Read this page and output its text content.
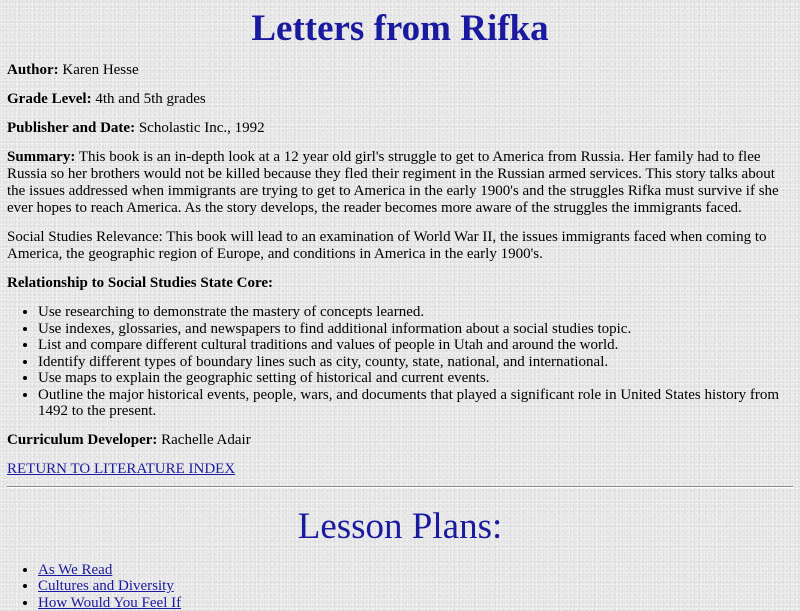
Letters from Rifka

Author: Karen Hesse

Grade Level: 4th and 5th grades

Publisher and Date: Scholastic Inc., 1992

Summary: This book is an in-depth look at a 12 year old girl's struggle to get to America from Russia. Her family had to flee Russia so her brothers would not be killed because they fled their regiment in the Russian armed services. This story talks about the issues addressed when immigrants are trying to get to America in the early 1900's and the struggles Rifka must survive if she ever hopes to reach America. As the story develops, the reader becomes more aware of the struggles the immigrants faced.

Social Studies Relevance: This book will lead to an examination of World War II, the issues immigrants faced when coming to America, the geographic region of Europe, and conditions in America in the early 1900's.

Relationship to Social Studies State Core:

• Use researching to demonstrate the mastery of concepts learned.
• Use indexes, glossaries, and newspapers to find additional information about a social studies topic.
• List and compare different cultural traditions and values of people in Utah and around the world.
• Identify different types of boundary lines such as city, county, state, national, and international.
• Use maps to explain the geographic setting of historical and current events.
• Outline the major historical events, people, wars, and documents that played a significant role in United States history from 1492 to the present.

Curriculum Developer: Rachelle Adair

RETURN TO LITERATURE INDEX

Lesson Plans:
• As We Read
• Cultures and Diversity
• How Would You Feel If
